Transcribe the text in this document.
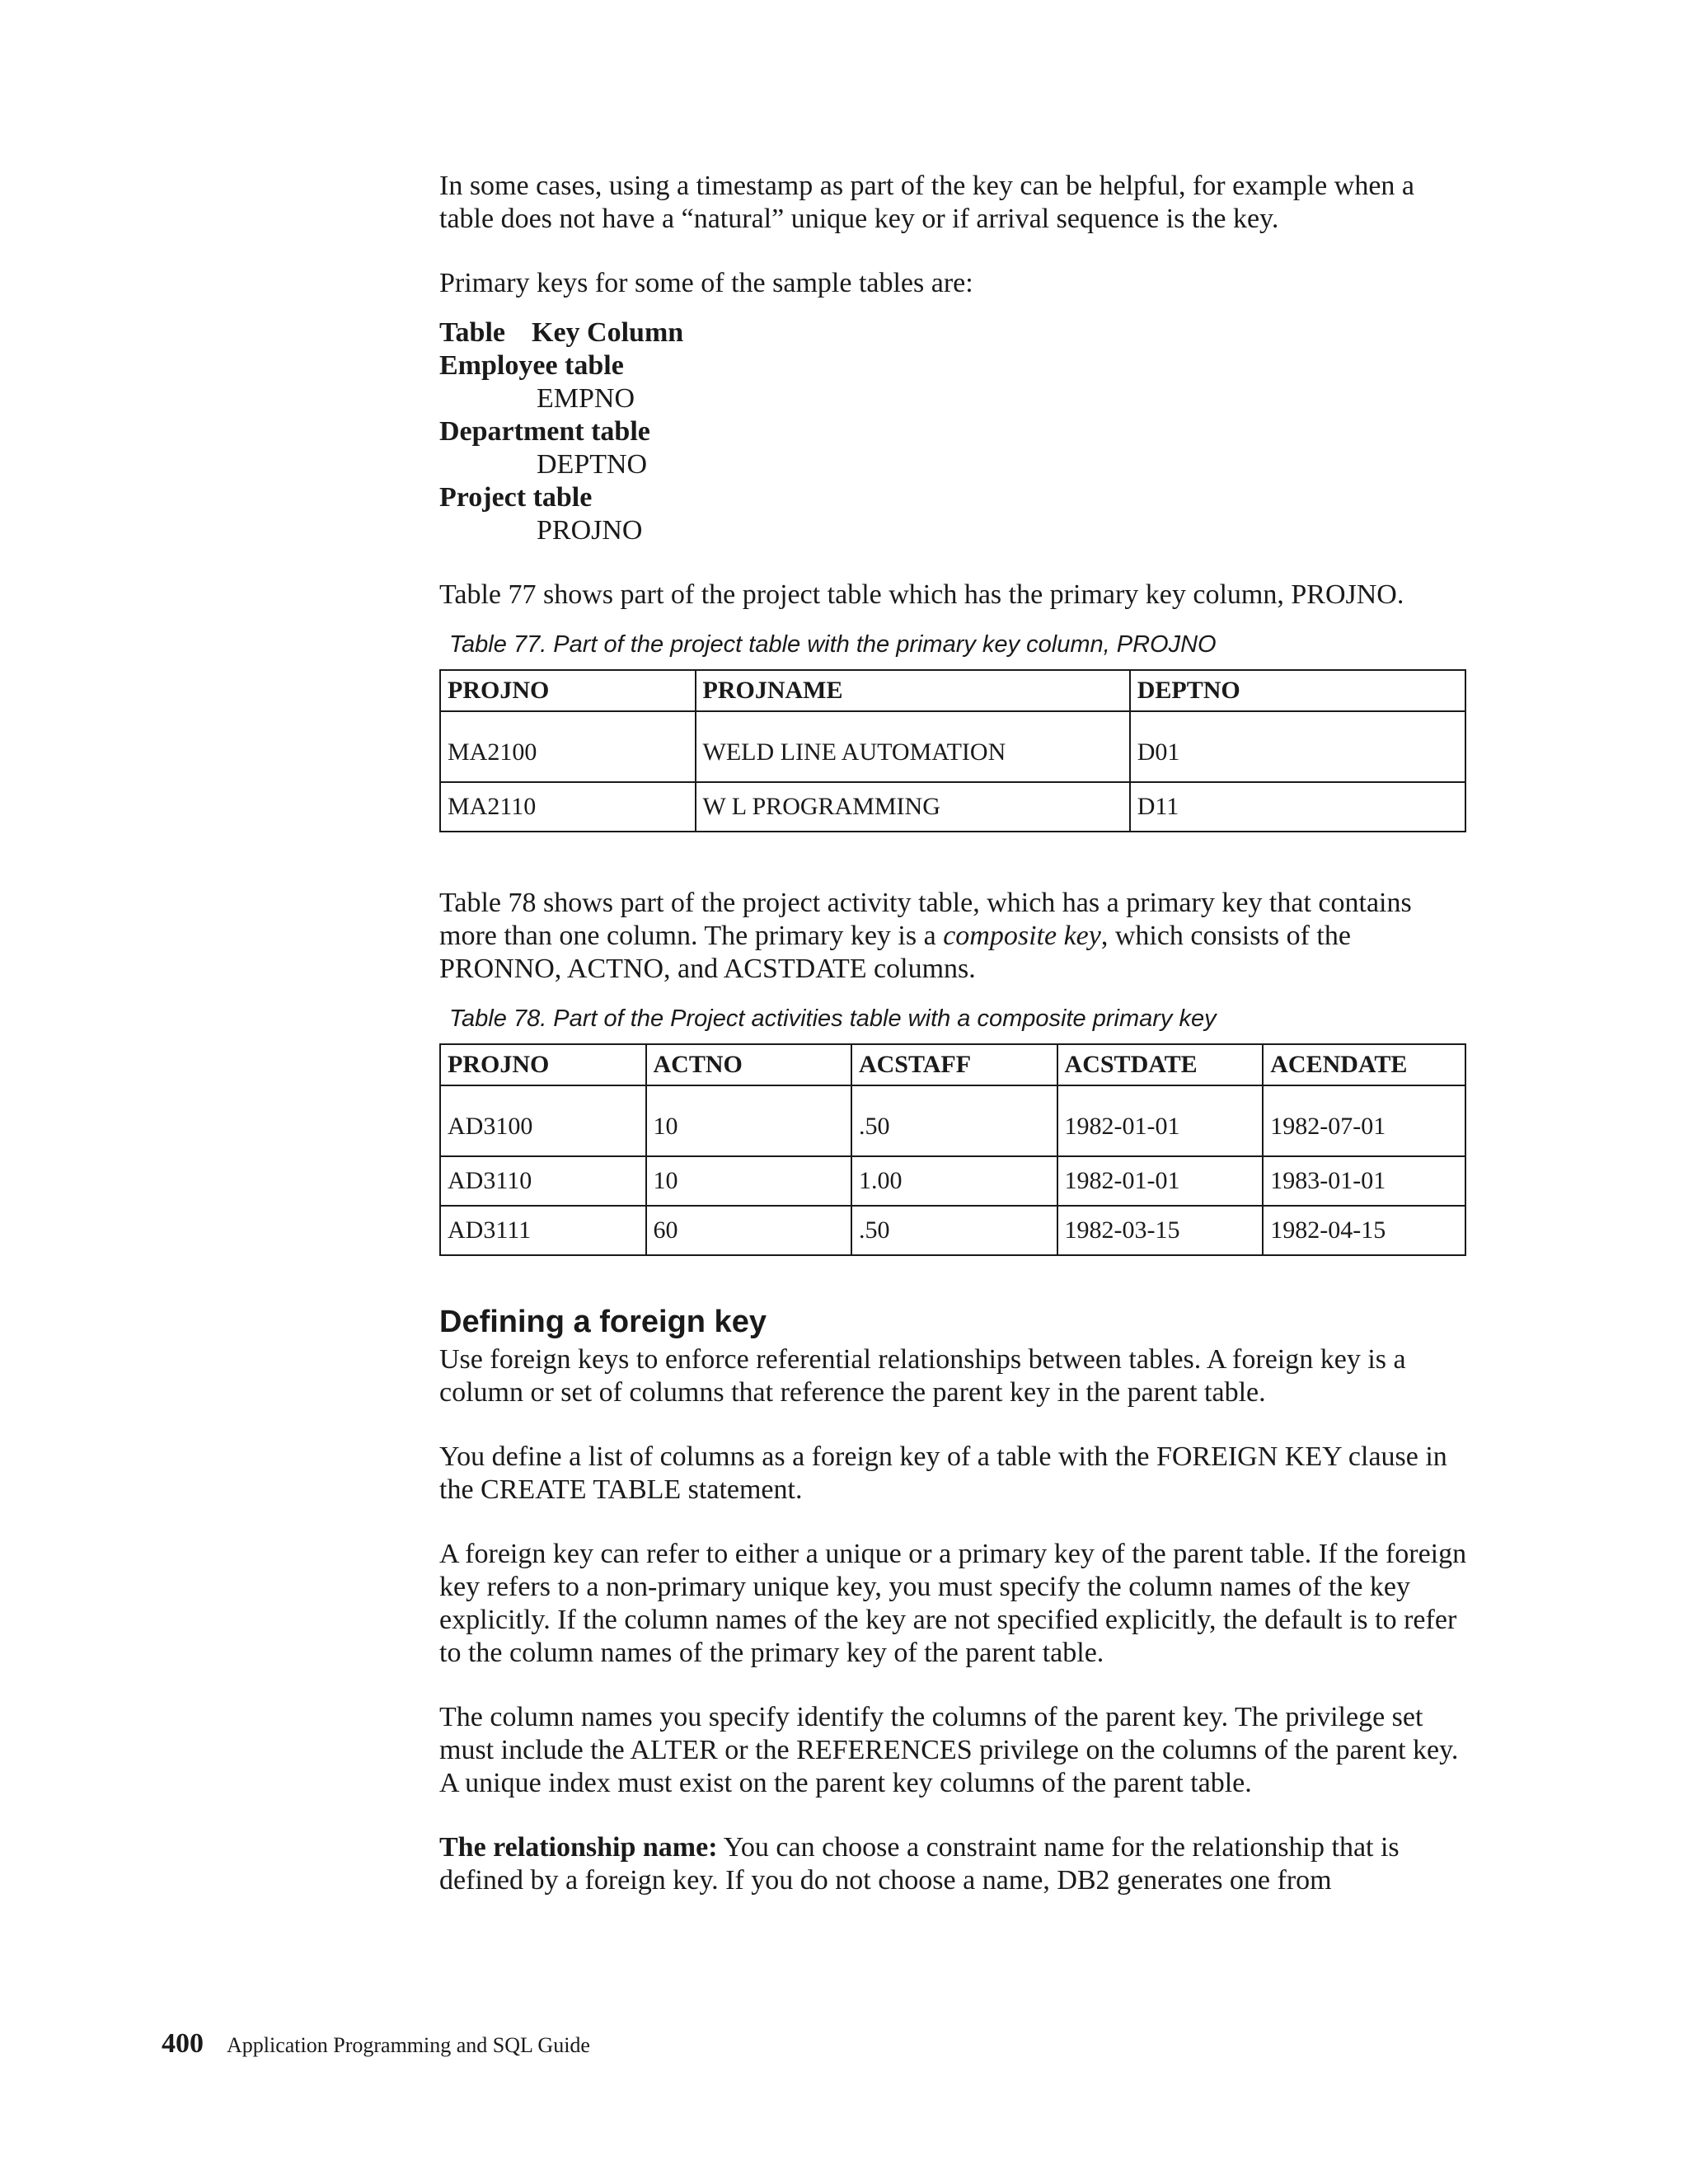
In some cases, using a timestamp as part of the key can be helpful, for example when a table does not have a “natural” unique key or if arrival sequence is the key.

Primary keys for some of the sample tables are:

Table Key Column
Employee table
EMPNO
Department table
DEPTNO
Project table
PROJNO

Table 77 shows part of the project table which has the primary key column, PROJNO.

Table 77. Part of the project table with the primary key column, PROJNO
PROJNO	PROJNAME	DEPTNO
MA2100	WELD LINE AUTOMATION	D01
MA2110	W L PROGRAMMING	D11

Table 78 shows part of the project activity table, which has a primary key that contains more than one column. The primary key is a composite key, which consists of the PRONNO, ACTNO, and ACSTDATE columns.

Table 78. Part of the Project activities table with a composite primary key
PROJNO	ACTNO	ACSTAFF	ACSTDATE	ACENDATE
AD3100	10	.50	1982-01-01	1982-07-01
AD3110	10	1.00	1982-01-01	1983-01-01
AD3111	60	.50	1982-03-15	1982-04-15
Defining a foreign key

Use foreign keys to enforce referential relationships between tables. A foreign key is a column or set of columns that reference the parent key in the parent table.

You define a list of columns as a foreign key of a table with the FOREIGN KEY clause in the CREATE TABLE statement.

A foreign key can refer to either a unique or a primary key of the parent table. If the foreign key refers to a non-primary unique key, you must specify the column names of the key explicitly. If the column names of the key are not specified explicitly, the default is to refer to the column names of the primary key of the parent table.

The column names you specify identify the columns of the parent key. The privilege set must include the ALTER or the REFERENCES privilege on the columns of the parent key. A unique index must exist on the parent key columns of the parent table.

The relationship name: You can choose a constraint name for the relationship that is defined by a foreign key. If you do not choose a name, DB2 generates one from

400 Application Programming and SQL Guide
